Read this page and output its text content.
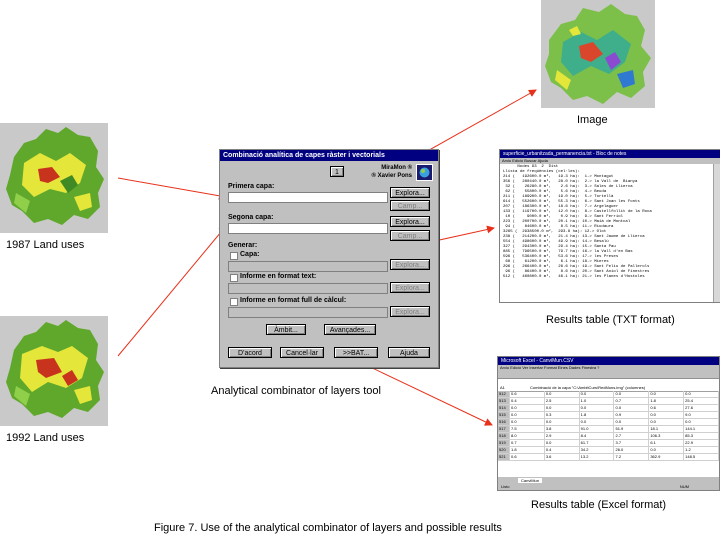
1987 Land uses
1992 Land uses
Image
Combinació analítica de capes ràster i vectorials
1
MiraMon ®
® Xavier Pons
Primera capa:
Explora...
Camp...
Segona capa:
Explora...
Camp...
Generar:
Capa:
Explora...
Informe en format text:
Explora...
Informe en format full de càlcul:
Explora...
Àmbit...	Avançades...
D'acord	Cancel·lar	>>BAT...	Ajuda
Analytical combinator of layers tool
superficie_urbanitzada_permanencia.txt - Bloc de notes
Arxiu Edició Buscar Ajuda
Nodes 93  2  Dist
Llista de freqüències (cel·les):
214 (   192600.0 m²,   19.3 ha):  1-> Montagut
356 (   280440.0 m²,   28.0 ha):  2-> la Vall de  Bianya
32 (    26280.0 m²,    2.6 ha):  3-> Sales de Llierca
62 (    55800.0 m²,    5.6 ha):  4-> Beuda
211 (   189900.0 m²,   19.0 ha):  5-> Tortellà
614 (   552600.0 m²,   55.3 ha):  6-> Sant Joan les Fonts
207 (   186300.0 m²,   18.6 ha):  7-> Argelaguer
133 (   119700.0 m²,   12.0 ha):  8-> Castellfollit de la Roca
10 (     9000.0 m²,    0.9 ha):  9-> Sant Ferriol
223 (   200700.0 m²,   20.1 ha): 10-> Maià de Montcal
94 (    84600.0 m²,    8.5 ha): 11-> Riudaura
3265 (  2938500.0 m²,  293.8 ha): 12-> Olot
238 (   214200.0 m²,   21.4 ha): 13-> Sant Jaume de Llierca
554 (   498600.0 m²,   49.9 ha): 14-> Besalú
327 (   294300.0 m²,   29.4 ha): 15-> Santa Pau
885 (   796500.0 m²,   79.7 ha): 16-> la Vall d'en Bas
596 (   536400.0 m²,   53.6 ha): 17-> les Preses
68 (    61200.0 m²,    6.1 ha): 18-> Mieres
296 (   266400.0 m²,   26.6 ha): 19-> Sant Feliu de Pallerols
96 (    86400.0 m²,    8.6 ha): 20-> Sant Aniol de Finestres
512 (   460800.0 m²,   46.1 ha): 21-> les Planes d'Hostoles
Results table (TXT format)
Microsoft Excel - CanviMun.CSV
Arxiu Edició Ver Insertar Format Eines Dades Finestra ?
A1	Combinació de la capa "C:\AmbitCurs\RedMuns.img" (columnes)
512	0.6	0.0	0.0	0.0	0.0	0.0
513	0.4	2.5	1.0	0.7	1.8	25.4
514	0.0	0.0	0.0	0.0	0.6	27.6
515	0.0	0.3	1.8	0.9	0.0	9.0
516	0.0	0.0	0.0	0.0	0.0	0.0
517	7.5	3.8	91.0	51.9	18.1	144.1
518	8.0	2.9	8.4	2.7	106.3	85.3
519	0.7	0.0	61.7	3.7	6.1	22.9
520	1.8	0.4	34.2	26.0	0.0	1.2
521	0.6	3.6	13.2	7.2	362.9	148.5
CanviMun
Listo	NUM
Results table (Excel format)
Figure 7. Use of the analytical combinator of layers and possible results
